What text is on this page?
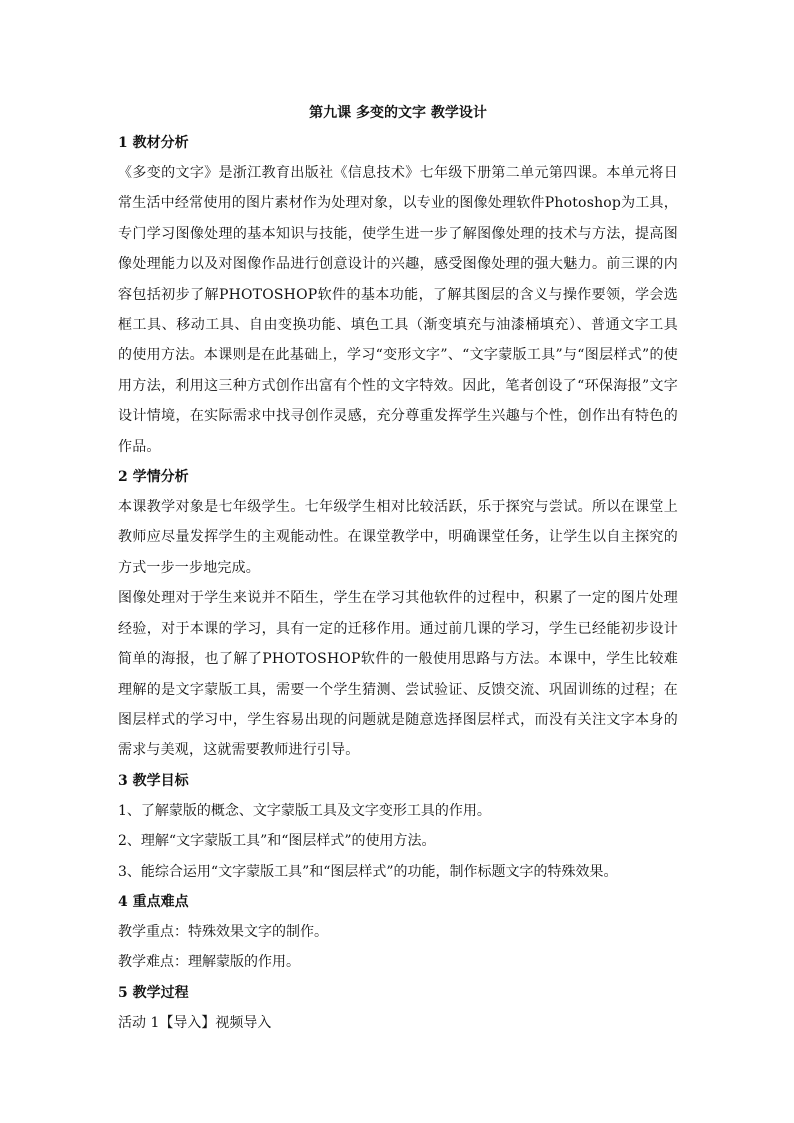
第九课 多变的文字 教学设计
1 教材分析

《多变的文字》是浙江教育出版社《信息技术》七年级下册第二单元第四课。本单元将日常生活中经常使用的图片素材作为处理对象，以专业的图像处理软件Photoshop为工具，专门学习图像处理的基本知识与技能，使学生进一步了解图像处理的技术与方法，提高图像处理能力以及对图像作品进行创意设计的兴趣，感受图像处理的强大魅力。前三课的内容包括初步了解PHOTOSHOP软件的基本功能，了解其图层的含义与操作要领，学会选框工具、移动工具、自由变换功能、填色工具（渐变填充与油漆桶填充）、普通文字工具的使用方法。本课则是在此基础上，学习“变形文字”、“文字蒙版工具”与“图层样式”的使用方法，利用这三种方式创作出富有个性的文字特效。因此，笔者创设了“环保海报”文字设计情境，在实际需求中找寻创作灵感，充分尊重发挥学生兴趣与个性，创作出有特色的作品。

2 学情分析

本课教学对象是七年级学生。七年级学生相对比较活跃，乐于探究与尝试。所以在课堂上教师应尽量发挥学生的主观能动性。在课堂教学中，明确课堂任务，让学生以自主探究的方式一步一步地完成。

图像处理对于学生来说并不陌生，学生在学习其他软件的过程中，积累了一定的图片处理经验，对于本课的学习，具有一定的迁移作用。通过前几课的学习，学生已经能初步设计简单的海报，也了解了PHOTOSHOP软件的一般使用思路与方法。本课中，学生比较难理解的是文字蒙版工具，需要一个学生猜测、尝试验证、反馈交流、巩固训练的过程；在图层样式的学习中，学生容易出现的问题就是随意选择图层样式，而没有关注文字本身的需求与美观，这就需要教师进行引导。

3 教学目标

1、了解蒙版的概念、文字蒙版工具及文字变形工具的作用。

2、理解“文字蒙版工具”和“图层样式”的使用方法。

3、能综合运用“文字蒙版工具”和“图层样式”的功能，制作标题文字的特殊效果。

4 重点难点

教学重点：特殊效果文字的制作。

教学难点：理解蒙版的作用。

5 教学过程

活动 1【导入】视频导入
